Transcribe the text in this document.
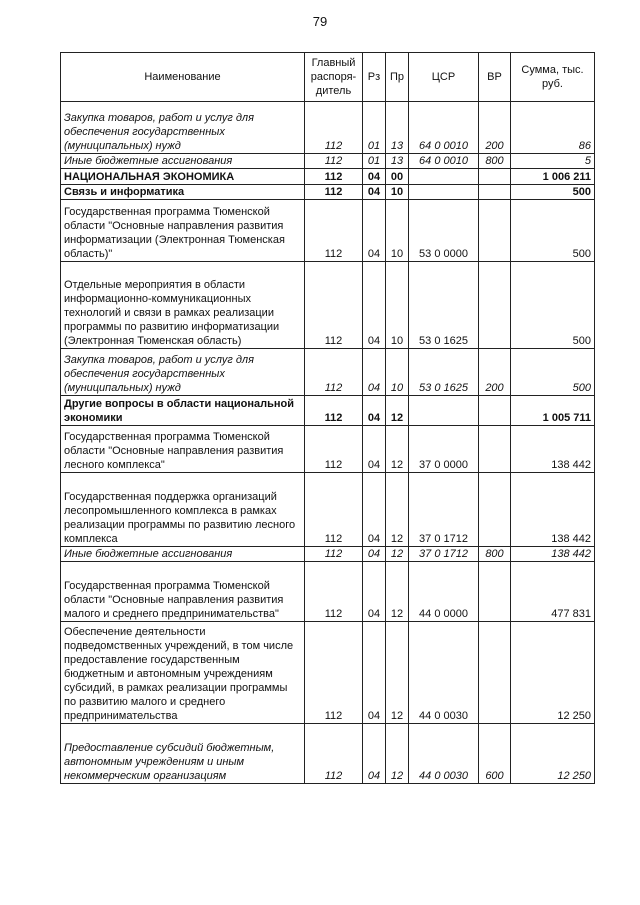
79
Наименование	Главный распоря-дитель	Рз	Пр	ЦСР	ВР	Сумма, тыс. руб.
Закупка товаров, работ и услуг для обеспечения государственных (муниципальных) нужд	112	01	13	64 0 0010	200	86
Иные бюджетные ассигнования	112	01	13	64 0 0010	800	5
НАЦИОНАЛЬНАЯ ЭКОНОМИКА	112	04	00			1 006 211
Связь и информатика	112	04	10			500
Государственная программа Тюменской области "Основные направления развития информатизации (Электронная Тюменская область)"	112	04	10	53 0 0000		500
Отдельные мероприятия в области информационно-коммуникационных технологий и связи в рамках реализации программы по развитию информатизации (Электронная Тюменская область)	112	04	10	53 0 1625		500
Закупка товаров, работ и услуг для обеспечения государственных (муниципальных) нужд	112	04	10	53 0 1625	200	500
Другие вопросы в области национальной экономики	112	04	12			1 005 711
Государственная программа Тюменской области "Основные направления развития лесного комплекса"	112	04	12	37 0 0000		138 442
Государственная поддержка организаций лесопромышленного комплекса в рамках реализации программы по развитию лесного комплекса	112	04	12	37 0 1712		138 442
Иные бюджетные ассигнования	112	04	12	37 0 1712	800	138 442
Государственная программа Тюменской области "Основные направления развития малого и среднего предпринимательства"	112	04	12	44 0 0000		477 831
Обеспечение деятельности подведомственных учреждений, в том числе предоставление государственным бюджетным и автономным учреждениям субсидий, в рамках реализации программы по развитию малого и среднего предпринимательства	112	04	12	44 0 0030		12 250
Предоставление субсидий бюджетным, автономным учреждениям и иным некоммерческим организациям	112	04	12	44 0 0030	600	12 250
